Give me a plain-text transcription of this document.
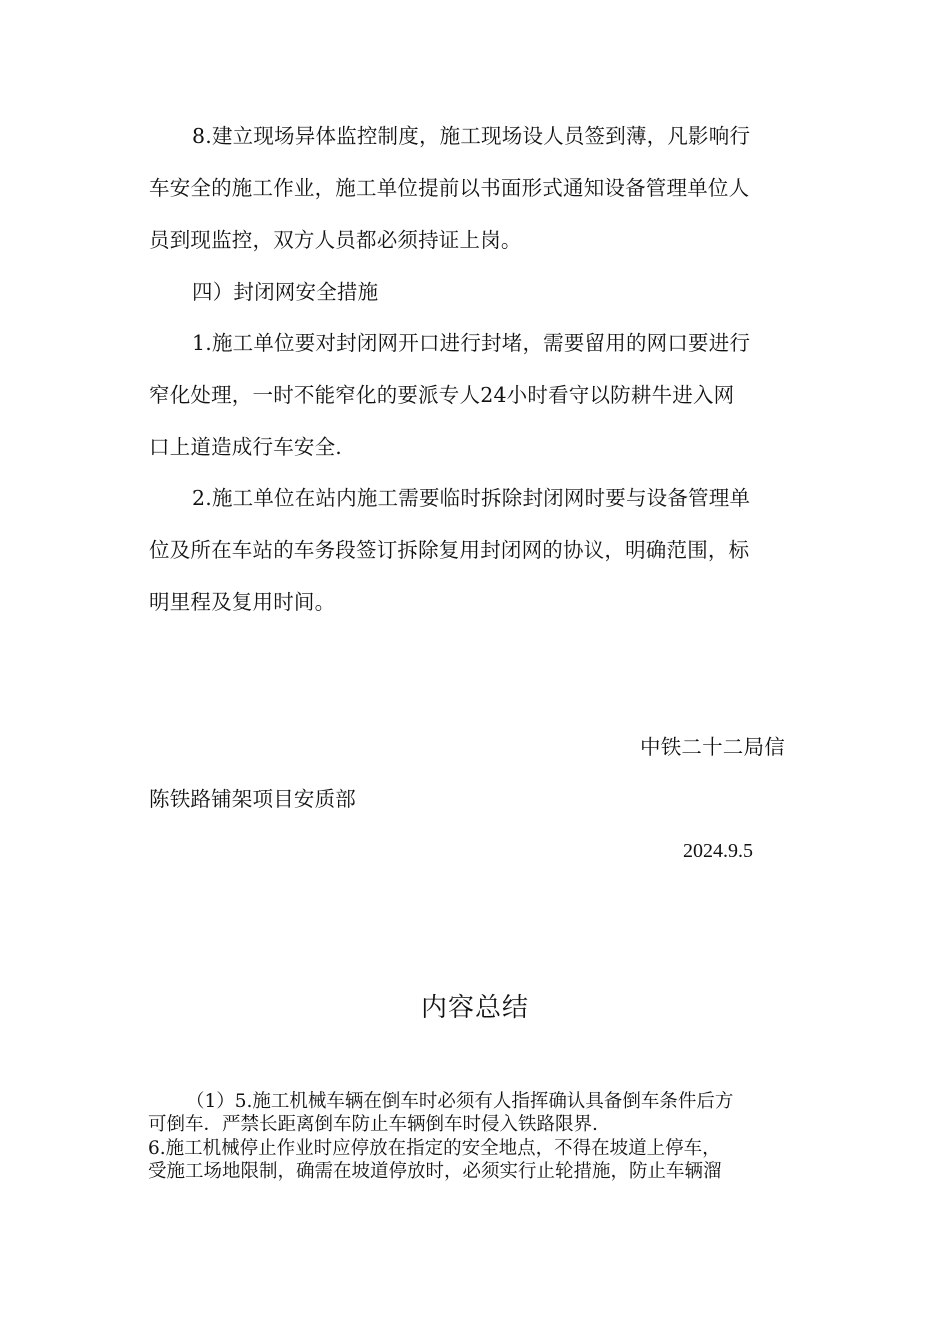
8.建立现场异体监控制度，施工现场设人员签到薄，凡影响行
车安全的施工作业，施工单位提前以书面形式通知设备管理单位人
员到现监控，双方人员都必须持证上岗。
四）封闭网安全措施
1.施工单位要对封闭网开口进行封堵，需要留用的网口要进行
窄化处理，一时不能窄化的要派专人24小时看守以防耕牛进入网
口上道造成行车安全.
2.施工单位在站内施工需要临时拆除封闭网时要与设备管理单
位及所在车站的车务段签订拆除复用封闭网的协议，明确范围，标
明里程及复用时间。
中铁二十二局信
陈铁路铺架项目安质部
2024.9.5
内容总结
（1）5.施工机械车辆在倒车时必须有人指挥确认具备倒车条件后方
可倒车．严禁长距离倒车防止车辆倒车时侵入铁路限界.
6.施工机械停止作业时应停放在指定的安全地点，不得在坡道上停车，
受施工场地限制，确需在坡道停放时，必须实行止轮措施，防止车辆溜
